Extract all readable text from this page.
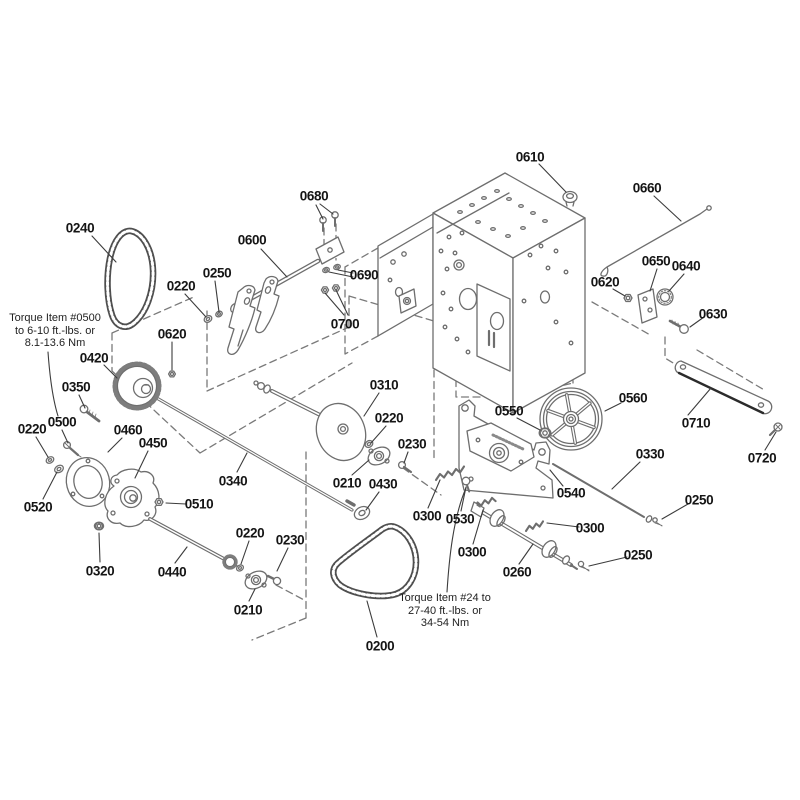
0240
0680
0600
0250
0220
0690
0700
0610
0660
0650 0640
0620
0630
0620
0420
0350	0310
0500
0220	0460
0450
0220
0230
0520	0510
0210 0430
0340
0550
0560
0710
0330	0720
0540
0300 0530
0300
0300
0250
0250
0260
0320	0440
0220 0230
0210
0200
Torque Item #0500
to 6-10 ft.-lbs. or
8.1-13.6 Nm
Torque Item #24 to
27-40 ft.-lbs. or
34-54 Nm
